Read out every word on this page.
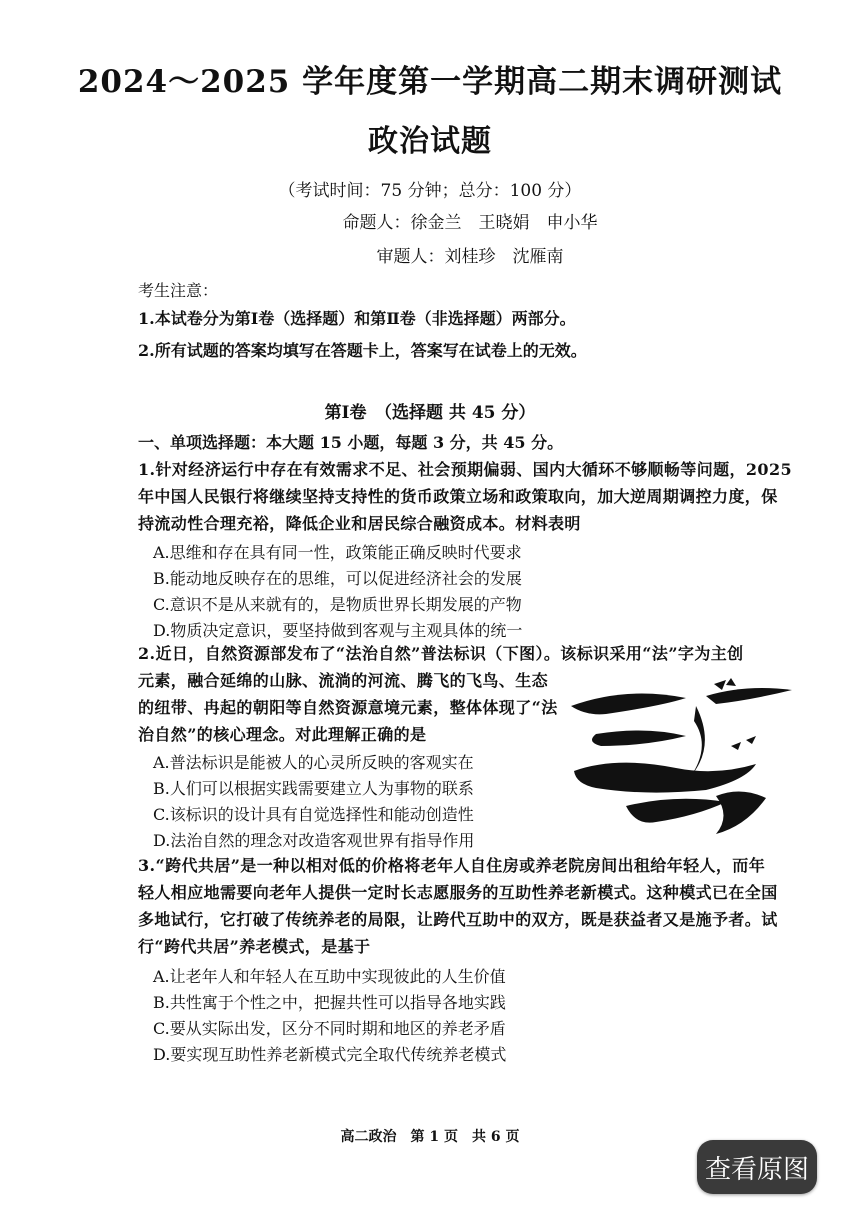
2024～2025 学年度第一学期高二期末调研测试
政治试题
（考试时间：75 分钟；总分：100 分）
命题人：徐金兰　王晓娟　申小华
审题人：刘桂珍　沈雁南
考生注意：
1.本试卷分为第Ⅰ卷（选择题）和第Ⅱ卷（非选择题）两部分。
2.所有试题的答案均填写在答题卡上，答案写在试卷上的无效。
第Ⅰ卷　（选择题 共 45 分）
一、单项选择题：本大题 15 小题，每题 3 分，共 45 分。
1.针对经济运行中存在有效需求不足、社会预期偏弱、国内大循环不够顺畅等问题，2025
年中国人民银行将继续坚持支持性的货币政策立场和政策取向，加大逆周期调控力度，保
持流动性合理充裕，降低企业和居民综合融资成本。材料表明
A.思维和存在具有同一性，政策能正确反映时代要求
B.能动地反映存在的思维，可以促进经济社会的发展
C.意识不是从来就有的，是物质世界长期发展的产物
D.物质决定意识，要坚持做到客观与主观具体的统一
2.近日，自然资源部发布了“法治自然”普法标识（下图）。该标识采用“法”字为主创
元素，融合延绵的山脉、流淌的河流、腾飞的飞鸟、生态
的纽带、冉起的朝阳等自然资源意境元素，整体体现了“法
治自然”的核心理念。对此理解正确的是
A.普法标识是能被人的心灵所反映的客观实在
B.人们可以根据实践需要建立人为事物的联系
C.该标识的设计具有自觉选择性和能动创造性
D.法治自然的理念对改造客观世界有指导作用
3.“跨代共居”是一种以相对低的价格将老年人自住房或养老院房间出租给年轻人，而年
轻人相应地需要向老年人提供一定时长志愿服务的互助性养老新模式。这种模式已在全国
多地试行，它打破了传统养老的局限，让跨代互助中的双方，既是获益者又是施予者。试
行“跨代共居”养老模式，是基于
A.让老年人和年轻人在互助中实现彼此的人生价值
B.共性寓于个性之中，把握共性可以指导各地实践
C.要从实际出发，区分不同时期和地区的养老矛盾
D.要实现互助性养老新模式完全取代传统养老模式
高二政治　第 1 页　共 6 页
查看原图
